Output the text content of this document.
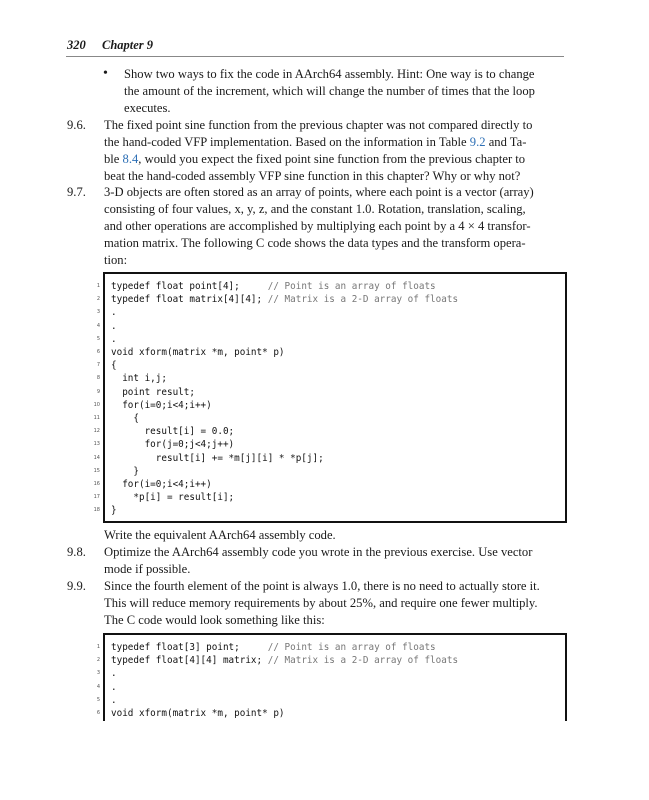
320 Chapter 9
• Show two ways to fix the code in AArch64 assembly. Hint: One way is to change

the amount of the increment, which will change the number of times that the loop

executes.

9.6. The fixed point sine function from the previous chapter was not compared directly to

the hand-coded VFP implementation. Based on the information in Table 9.2 and Ta-

ble 8.4, would you expect the fixed point sine function from the previous chapter to

beat the hand-coded assembly VFP sine function in this chapter? Why or why not?

9.7. 3-D objects are often stored as an array of points, where each point is a vector (array)

consisting of four values, x, y, z, and the constant 1.0. Rotation, translation, scaling,

and other operations are accomplished by multiplying each point by a 4 × 4 transfor-

mation matrix. The following C code shows the data types and the transform opera-

tion:

1 typedef float point[4];     // Point is an array of floats
2 typedef float matrix[4][4]; // Matrix is a 2-D array of floats
3 .
4 .
5 .
6 void xform(matrix *m, point* p)
7 {
8 int i,j;
9 point result;
10 for(i=0;i<4;i++)
11 {
12 result[i] = 0.0;
13 for(j=0;j<4;j++)
14 result[i] += *m[j][i] * *p[j];
15 }
16 for(i=0;i<4;i++)
17 *p[i] = result[i];
18 }
Write the equivalent AArch64 assembly code.
9.8. Optimize the AArch64 assembly code you wrote in the previous exercise. Use vector

mode if possible.

9.9. Since the fourth element of the point is always 1.0, there is no need to actually store it.

This will reduce memory requirements by about 25%, and require one fewer multiply.

The C code would look something like this:

1 typedef float[3] point;     // Point is an array of floats
2 typedef float[4][4] matrix; // Matrix is a 2-D array of floats
3 .
4 .
5 .
6 void xform(matrix *m, point* p)
